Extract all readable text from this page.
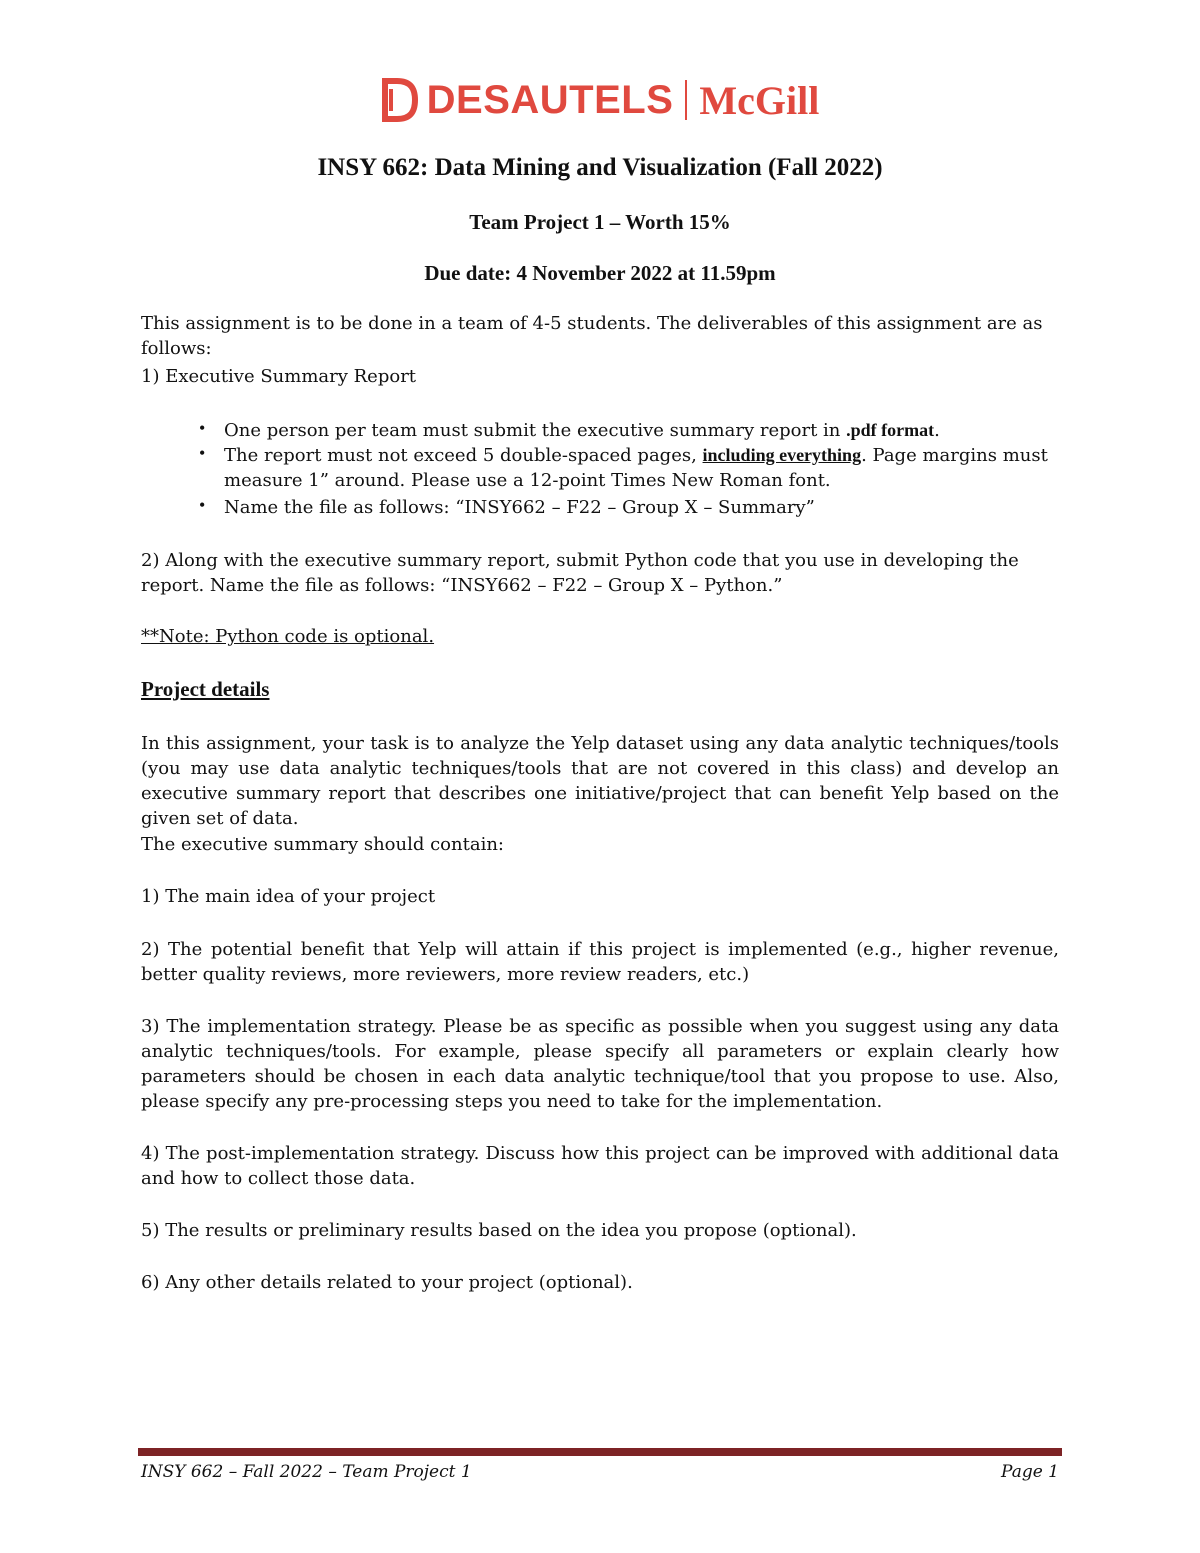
DESAUTELS McGill
INSY 662: Data Mining and Visualization (Fall 2022)
Team Project 1 – Worth 15%
Due date: 4 November 2022 at 11.59pm
This assignment is to be done in a team of 4-5 students. The deliverables of this assignment are as follows:
1) Executive Summary Report
• One person per team must submit the executive summary report in .pdf format.
• The report must not exceed 5 double-spaced pages, including everything. Page margins must measure 1” around. Please use a 12-point Times New Roman font.
• Name the file as follows: “INSY662 – F22 – Group X – Summary”
2) Along with the executive summary report, submit Python code that you use in developing the report. Name the file as follows: “INSY662 – F22 – Group X – Python.”
**Note: Python code is optional.
Project details
In this assignment, your task is to analyze the Yelp dataset using any data analytic techniques/tools (you may use data analytic techniques/tools that are not covered in this class) and develop an executive summary report that describes one initiative/project that can benefit Yelp based on the given set of data.
The executive summary should contain:
1) The main idea of your project
2) The potential benefit that Yelp will attain if this project is implemented (e.g., higher revenue, better quality reviews, more reviewers, more review readers, etc.)
3) The implementation strategy. Please be as specific as possible when you suggest using any data analytic techniques/tools. For example, please specify all parameters or explain clearly how parameters should be chosen in each data analytic technique/tool that you propose to use. Also, please specify any pre-processing steps you need to take for the implementation.
4) The post-implementation strategy. Discuss how this project can be improved with additional data and how to collect those data.
5) The results or preliminary results based on the idea you propose (optional).
6) Any other details related to your project (optional).
INSY 662 – Fall 2022 – Team Project 1	Page 1
